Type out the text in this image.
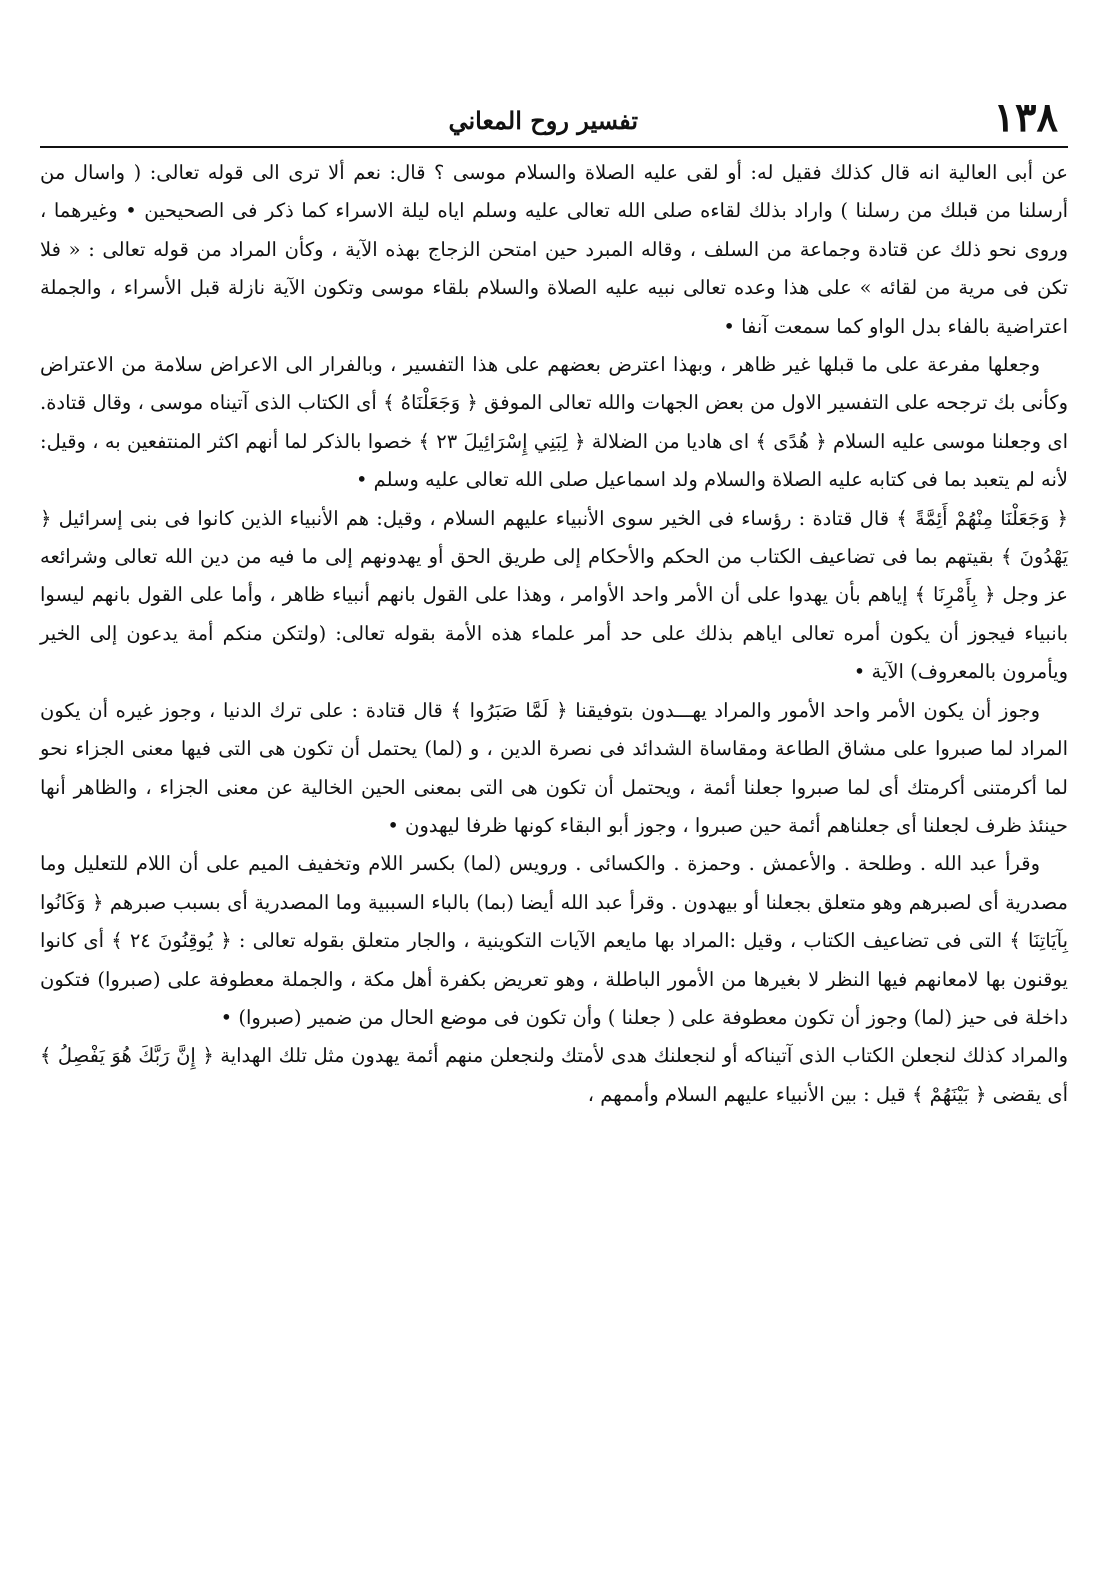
١٣٨
تفسير روح المعاني

عن أبى العالية انه قال كذلك فقيل له: أو لقى عليه الصلاة والسلام موسى ؟ قال: نعم ألا ترى الى قوله تعالى: ( واسال من أرسلنا من قبلك من رسلنا ) واراد بذلك لقاءه صلى الله تعالى عليه وسلم اياه ليلة الاسراء كما ذكر فى الصحيحين • وغيرهما ، وروى نحو ذلك عن قتادة وجماعة من السلف ، وقاله المبرد حين امتحن الزجاج بهذه الآية ، وكأن المراد من قوله تعالى : « فلا تكن فى مرية من لقائه » على هذا وعده تعالى نبيه عليه الصلاة والسلام بلقاء موسى وتكون الآية نازلة قبل الأسراء ، والجملة اعتراضية بالفاء بدل الواو كما سمعت آنفا •

وجعلها مفرعة على ما قبلها غير ظاهر ، وبهذا اعترض بعضهم على هذا التفسير ، وبالفرار الى الاعراض سلامة من الاعتراض وكأنى بك ترجحه على التفسير الاول من بعض الجهات والله تعالى الموفق ﴿ وَجَعَلْنَاهُ ﴾ أى الكتاب الذى آتيناه موسى ، وقال قتادة. اى وجعلنا موسى عليه السلام ﴿ هُدًى ﴾ اى هاديا من الضلالة ﴿ لِبَنِي إِسْرَائِيلَ ٢٣ ﴾ خصوا بالذكر لما أنهم اكثر المنتفعين به ، وقيل: لأنه لم يتعبد بما فى كتابه عليه الصلاة والسلام ولد اسماعيل صلى الله تعالى عليه وسلم •

﴿ وَجَعَلْنَا مِنْهُمْ أَئِمَّةً ﴾ قال قتادة : رؤساء فى الخير سوى الأنبياء عليهم السلام ، وقيل: هم الأنبياء الذين كانوا فى بنى إسرائيل ﴿ يَهْدُونَ ﴾ بقيتهم بما فى تضاعيف الكتاب من الحكم والأحكام إلى طريق الحق أو يهدونهم إلى ما فيه من دين الله تعالى وشرائعه عز وجل ﴿ بِأَمْرِنَا ﴾ إياهم بأن يهدوا على أن الأمر واحد الأوامر ، وهذا على القول بانهم أنبياء ظاهر ، وأما على القول بانهم ليسوا بانبياء فيجوز أن يكون أمره تعالى اياهم بذلك على حد أمر علماء هذه الأمة بقوله تعالى: (ولتكن منكم أمة يدعون إلى الخير ويأمرون بالمعروف) الآية •

وجوز أن يكون الأمر واحد الأمور والمراد يهـــدون بتوفيقنا ﴿ لَمَّا صَبَرُوا ﴾ قال قتادة : على ترك الدنيا ، وجوز غيره أن يكون المراد لما صبروا على مشاق الطاعة ومقاساة الشدائد فى نصرة الدين ، و (لما) يحتمل أن تكون هى التى فيها معنى الجزاء نحو لما أكرمتنى أكرمتك أى لما صبروا جعلنا أئمة ، ويحتمل أن تكون هى التى بمعنى الحين الخالية عن معنى الجزاء ، والظاهر أنها حينئذ ظرف لجعلنا أى جعلناهم أئمة حين صبروا ، وجوز أبو البقاء كونها ظرفا ليهدون •

وقرأ عبد الله . وطلحة . والأعمش . وحمزة . والكسائى . ورويس (لما) بكسر اللام وتخفيف الميم على أن اللام للتعليل وما مصدرية أى لصبرهم وهو متعلق بجعلنا أو بيهدون . وقرأ عبد الله أيضا (بما) بالباء السببية وما المصدرية أى بسبب صبرهم ﴿ وَكَانُوا بِآيَاتِنَا ﴾ التى فى تضاعيف الكتاب ، وقيل :المراد بها مايعم الآيات التكوينية ، والجار متعلق بقوله تعالى : ﴿ يُوقِنُونَ ٢٤ ﴾ أى كانوا يوقنون بها لامعانهم فيها النظر لا بغيرها من الأمور الباطلة ، وهو تعريض بكفرة أهل مكة ، والجملة معطوفة على (صبروا) فتكون داخلة فى حيز (لما) وجوز أن تكون معطوفة على ( جعلنا ) وأن تكون فى موضع الحال من ضمير (صبروا) •

والمراد كذلك لنجعلن الكتاب الذى آتيناكه أو لنجعلنك هدى لأمتك ولنجعلن منهم أئمة يهدون مثل تلك الهداية ﴿ إِنَّ رَبَّكَ هُوَ يَفْصِلُ ﴾ أى يقضى ﴿ بَيْنَهُمْ ﴾ قيل : بين الأنبياء عليهم السلام وأممهم ،
